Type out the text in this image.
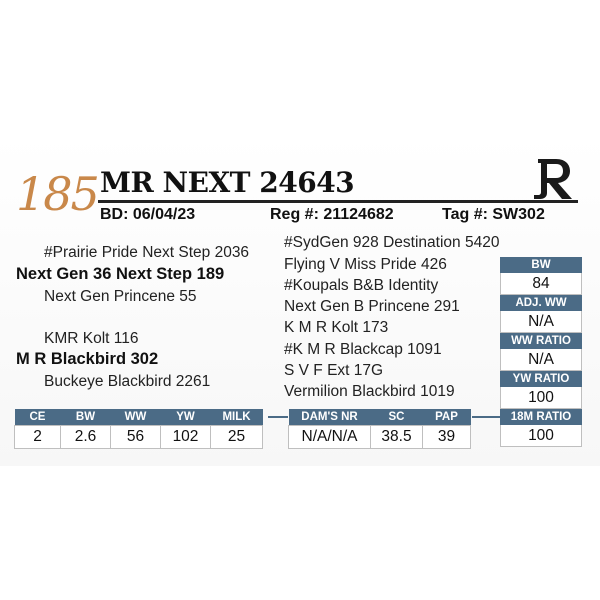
185 MR NEXT 24643
BD: 06/04/23	Reg #: 21124682	Tag #: SW302
#Prairie Pride Next Step 2036
Next Gen 36 Next Step 189
Next Gen Princene 55
KMR Kolt 116
M R Blackbird 302
Buckeye Blackbird 2261
#SydGen 928 Destination 5420
Flying V Miss Pride 426
#Koupals B&B Identity
Next Gen B Princene 291
K M R Kolt 173
#K M R Blackcap 1091
S V F Ext 17G
Vermilion Blackbird 1019
BW
84
ADJ. WW
N/A
WW RATIO
N/A
YW RATIO
100
18M RATIO
100
CE	BW	WW	YW	MILK
2	2.6	56	102	25
DAM'S NR	SC	PAP
N/A/N/A	38.5	39
